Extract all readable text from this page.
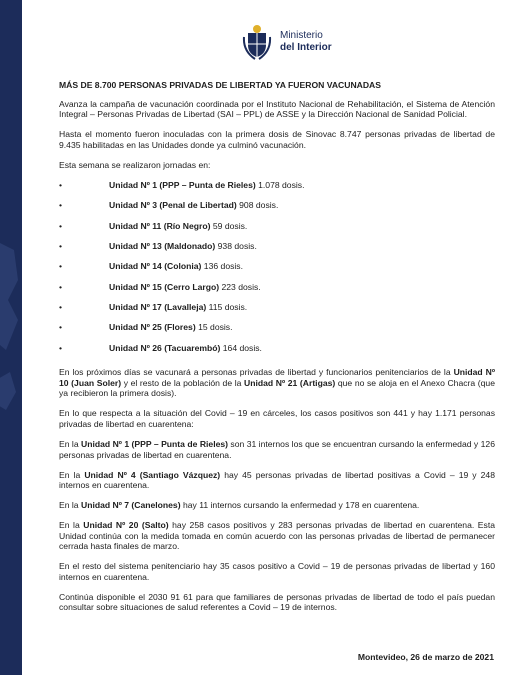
Ministerio
del Interior

MÁS DE 8.700 PERSONAS PRIVADAS DE LIBERTAD YA FUERON VACUNADAS

Avanza la campaña de vacunación coordinada por el Instituto Nacional de Rehabilitación, el Sistema de Atención Integral – Personas Privadas de Libertad (SAI – PPL) de ASSE y la Dirección Nacional de Sanidad Policial.

Hasta el momento fueron inoculadas con la primera dosis de Sinovac 8.747 personas privadas de libertad de 9.435 habilitadas en las Unidades donde ya culminó vacunación.

Esta semana se realizaron jornadas en:

• Unidad Nº 1 (PPP – Punta de Rieles) 1.078 dosis.
• Unidad Nº 3 (Penal de Libertad) 908 dosis.
• Unidad Nº 11 (Río Negro) 59 dosis.
• Unidad Nº 13 (Maldonado) 938 dosis.
• Unidad Nº 14 (Colonia) 136 dosis.
• Unidad Nº 15 (Cerro Largo) 223 dosis.
• Unidad Nº 17 (Lavalleja) 115 dosis.
• Unidad Nº 25 (Flores) 15 dosis.
• Unidad Nº 26 (Tacuarembó) 164 dosis.

En los próximos días se vacunará a personas privadas de libertad y funcionarios penitenciarios de la Unidad Nº 10 (Juan Soler) y el resto de la población de la Unidad Nº 21 (Artigas) que no se aloja en el Anexo Chacra (que ya recibieron la primera dosis).

En lo que respecta a la situación del Covid – 19 en cárceles, los casos positivos son 441 y hay 1.171 personas privadas de libertad en cuarentena:

En la Unidad Nº 1 (PPP – Punta de Rieles) son 31 internos los que se encuentran cursando la enfermedad y 126 personas privadas de libertad en cuarentena.

En la Unidad Nº 4 (Santiago Vázquez) hay 45 personas privadas de libertad positivas a Covid – 19 y 248 internos en cuarentena.

En la Unidad Nº 7 (Canelones) hay 11 internos cursando la enfermedad y 178 en cuarentena.

En la Unidad Nº 20 (Salto) hay 258 casos positivos y 283 personas privadas de libertad en cuarentena. Esta Unidad continúa con la medida tomada en común acuerdo con las personas privadas de libertad de permanecer cerrada hasta finales de marzo.

En el resto del sistema penitenciario hay 35 casos positivo a Covid – 19 de personas privadas de libertad y 160 internos en cuarentena.

Continúa disponible el 2030 91 61 para que familiares de personas privadas de libertad de todo el país puedan consultar sobre situaciones de salud referentes a Covid – 19 de internos.

Montevideo, 26 de marzo de 2021
